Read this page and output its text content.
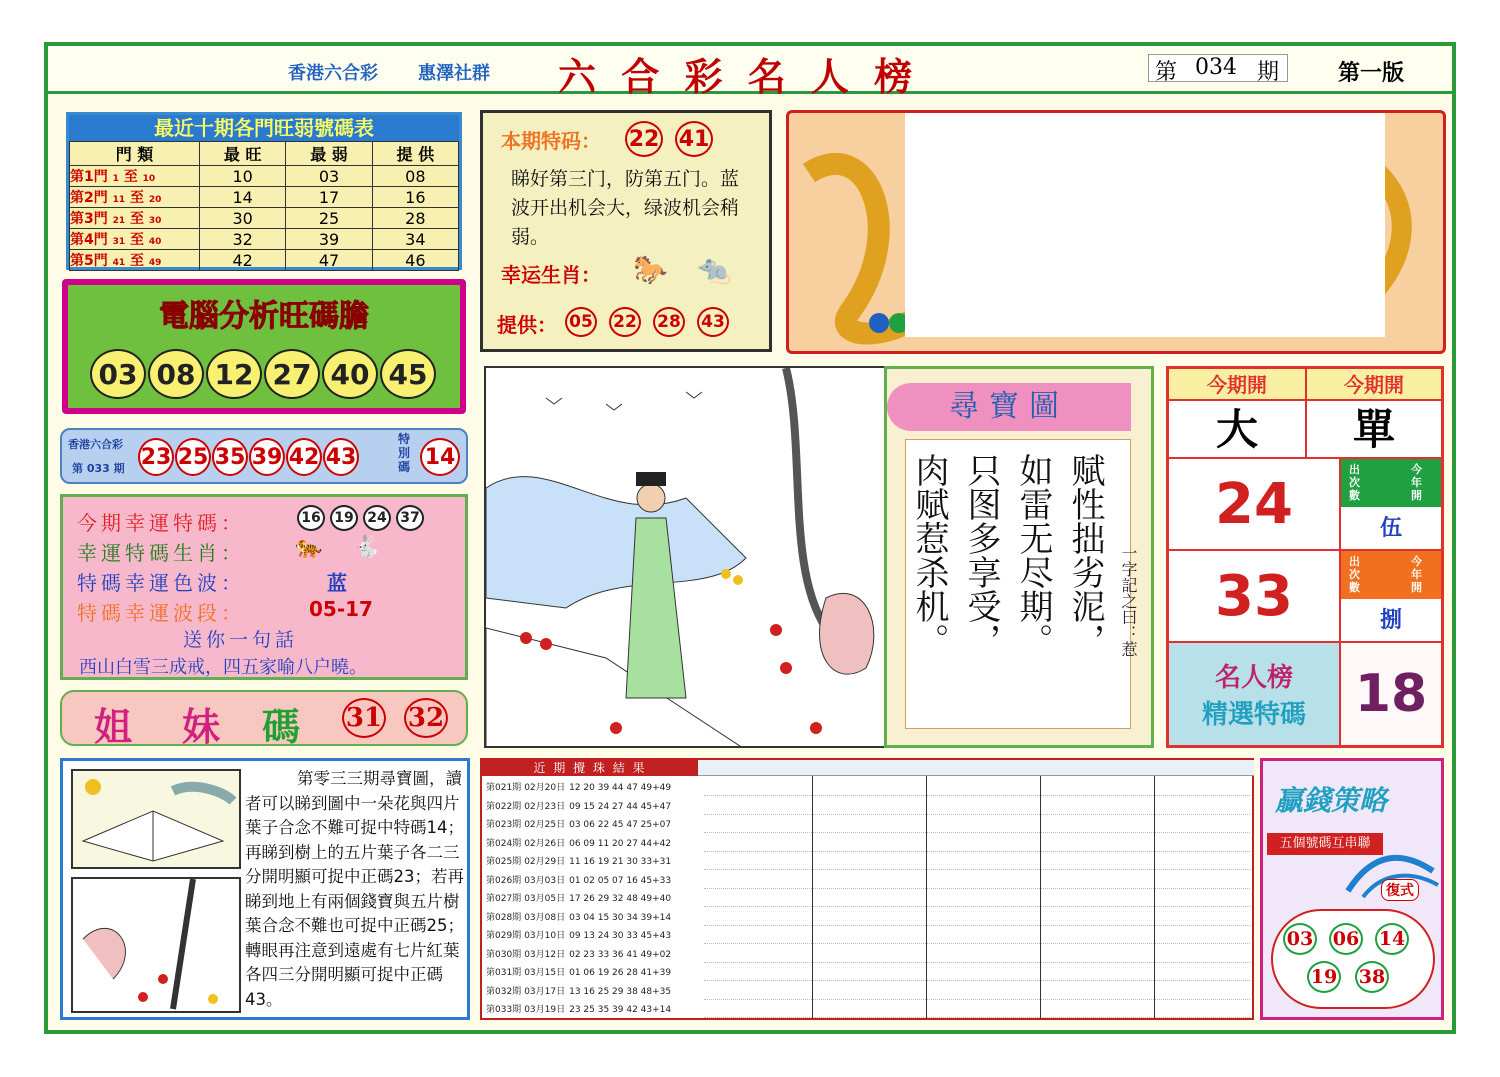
香港六合彩 惠澤社群 六 合 彩 名 人 榜	第 034 期	第一版
最近十期各門旺弱號碼表
門 類	最 旺	最 弱	提 供
第1門 1 至 10	10	03	08
第2門 11 至 20	14	17	16
第3門 21 至 30	30	25	28
第4門 31 至 40	32	39	34
第5門 41 至 49	42	47	46
電腦分析旺碼膽
03 08 12 27 40 45
香港六合彩
第 033 期 23 25 35 39 42 43
特別碼 14
今期幸運特碼：	16 19 24 37
幸運特碼生肖： 🐅 🐇
特碼幸運色波：	蓝
特碼幸運波段：	05-17
送你一句話
西山白雪三成戒，四五家喻八户曉。
姐 妹 碼 31 32
本期特码： 22 41
睇好第三门，防第五门。蓝波开出机会大，绿波机会稍弱。
幸运生肖： 🐎 🐀
提供： 05 22 28 43
尋寶圖
赋性拙劣泥，
如雷无尽期。
只图多享受，
肉赋惹杀机。	一字記之曰：惹
今期開	今期開
大	單
24
出次數
今年開
伍
33
出次數
今年開
捌
名人榜
精選特碼 18
第零三三期尋寶圖，讀者可以睇到圖中一朵花與四片葉子合念不難可捉中特碼14；再睇到樹上的五片葉子各二三分開明顯可捉中正碼23；若再睇到地上有兩個錢寶與五片樹葉合念不難也可捉中正碼25；轉眼再注意到遠處有七片紅葉各四三分開明顯可捉中正碼43。
近 期 攪 珠 結 果
第021期 02月20日 12 20 39 44 47 49+49
第022期 02月23日 09 15 24 27 44 45+47
第023期 02月25日 03 06 22 45 47 25+07
第024期 02月26日 06 09 11 20 27 44+42
第025期 02月29日 11 16 19 21 30 33+31
第026期 03月03日 01 02 05 07 16 45+33
第027期 03月05日 17 26 29 32 48 49+40
第028期 03月08日 03 04 15 30 34 39+14
第029期 03月10日 09 13 24 30 33 45+43
第030期 03月12日 02 23 33 36 41 49+02
第031期 03月15日 01 06 19 26 28 41+39
第032期 03月17日 13 16 25 29 38 48+35
第033期 03月19日 23 25 35 39 42 43+14
贏錢策略
五個號碼互串聯
復式
03 06 14
19 38
